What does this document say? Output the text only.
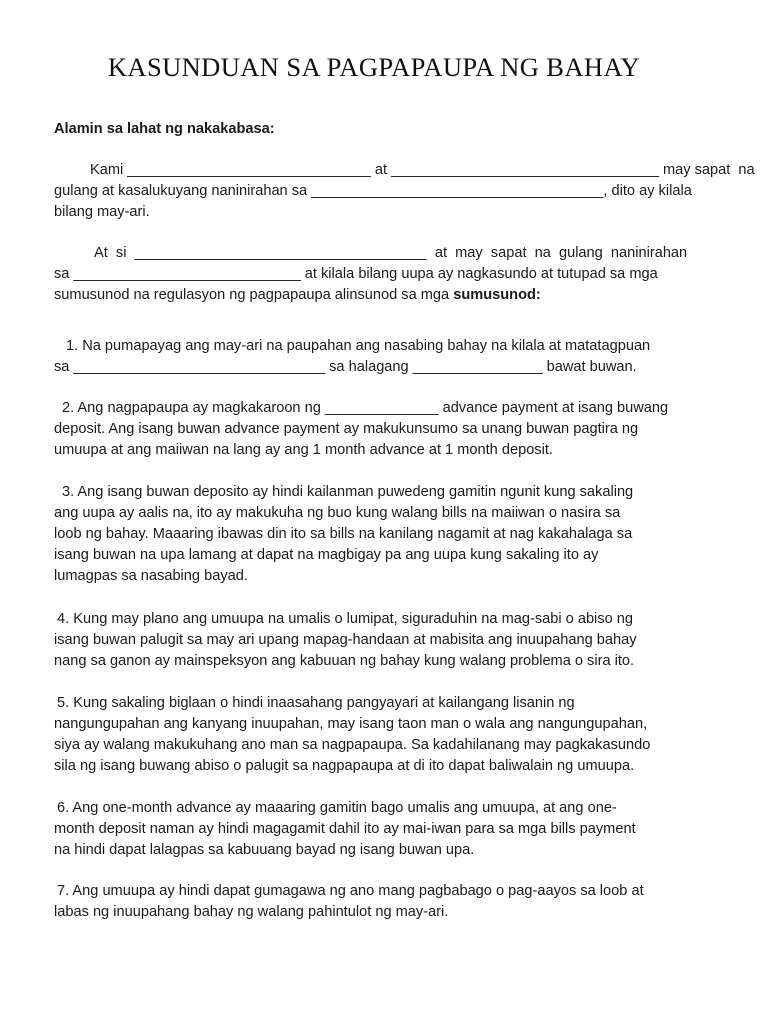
KASUNDUAN SA PAGPAPAUPA NG BAHAY
Alamin sa lahat ng nakakabasa:
Kami ______________________________ at _________________________________ may sapat  na
gulang at kasalukuyang naninirahan sa ____________________________________, dito ay kilala
bilang may-ari.
At  si  ____________________________________  at  may  sapat  na  gulang  naninirahan
sa ____________________________ at kilala bilang uupa ay nagkasundo at tutupad sa mga
sumusunod na regulasyon ng pagpapaupa alinsunod sa mga sumusunod:
1. Na pumapayag ang may-ari na paupahan ang nasabing bahay na kilala at matatagpuan
sa _______________________________ sa halagang ________________ bawat buwan.
2. Ang nagpapaupa ay magkakaroon ng ______________ advance payment at isang buwang
deposit. Ang isang buwan advance payment ay makukunsumo sa unang buwan pagtira ng
umuupa at ang maiiwan na lang ay ang 1 month advance at 1 month deposit.
3. Ang isang buwan deposito ay hindi kailanman puwedeng gamitin ngunit kung sakaling
ang uupa ay aalis na, ito ay makukuha ng buo kung walang bills na maiiwan o nasira sa
loob ng bahay. Maaaring ibawas din ito sa bills na kanilang nagamit at nag kakahalaga sa
isang buwan na upa lamang at dapat na magbigay pa ang uupa kung sakaling ito ay
lumagpas sa nasabing bayad.
4. Kung may plano ang umuupa na umalis o lumipat, siguraduhin na mag-sabi o abiso ng
isang buwan palugit sa may ari upang mapag-handaan at mabisita ang inuupahang bahay
nang sa ganon ay mainspeksyon ang kabuuan ng bahay kung walang problema o sira ito.
5. Kung sakaling biglaan o hindi inaasahang pangyayari at kailangang lisanin ng
nangungupahan ang kanyang inuupahan, may isang taon man o wala ang nangungupahan,
siya ay walang makukuhang ano man sa nagpapaupa. Sa kadahilanang may pagkakasundo
sila ng isang buwang abiso o palugit sa nagpapaupa at di ito dapat baliwalain ng umuupa.
6. Ang one-month advance ay maaaring gamitin bago umalis ang umuupa, at ang one-
month deposit naman ay hindi magagamit dahil ito ay mai-iwan para sa mga bills payment
na hindi dapat lalagpas sa kabuuang bayad ng isang buwan upa.
7. Ang umuupa ay hindi dapat gumagawa ng ano mang pagbabago o pag-aayos sa loob at
labas ng inuupahang bahay ng walang pahintulot ng may-ari.
